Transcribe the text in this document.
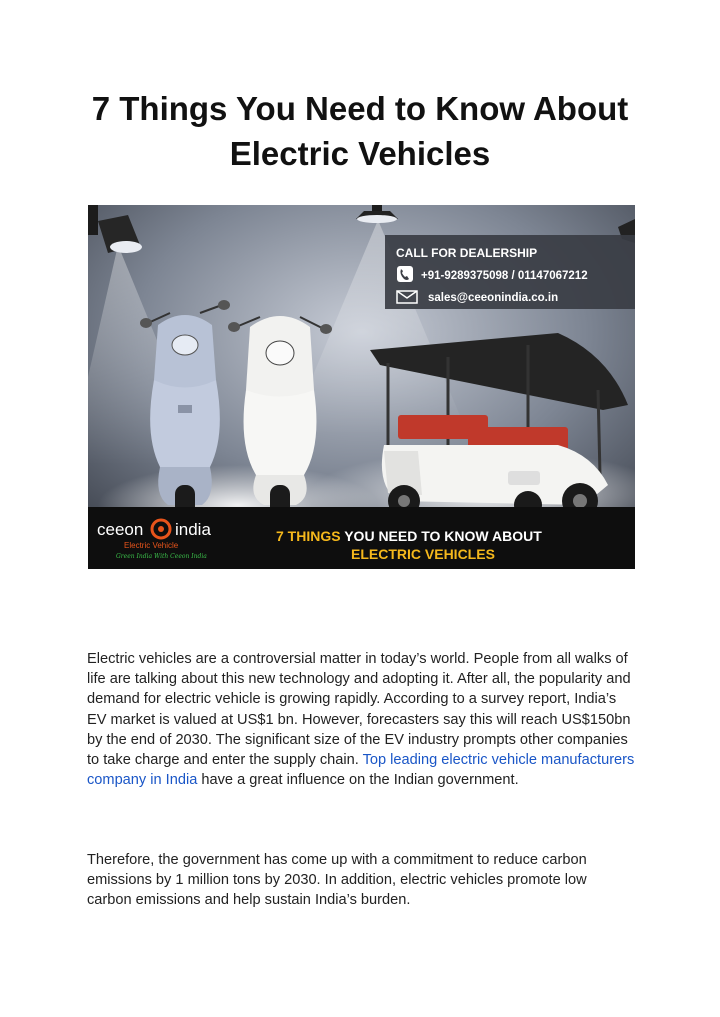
7 Things You Need to Know About
Electric Vehicles
CALL FOR DEALERSHIP
+91-9289375098 / 01147067212
sales@ceeonindia.co.in
ceeon india
Electric Vehicle
Green India With Ceeon India
7 THINGS YOU NEED TO KNOW ABOUT
ELECTRIC VEHICLES

Electric vehicles are a controversial matter in today’s world. People from all walks of life are talking about this new technology and adopting it. After all, the popularity and demand for electric vehicle is growing rapidly. According to a survey report, India’s EV market is valued at US$1 bn. However, forecasters say this will reach US$150bn by the end of 2030. The significant size of the EV industry prompts other companies to take charge and enter the supply chain. Top leading electric vehicle manufacturers company in India have a great influence on the Indian government.

Therefore, the government has come up with a commitment to reduce carbon emissions by 1 million tons by 2030. In addition, electric vehicles promote low carbon emissions and help sustain India’s burden.
